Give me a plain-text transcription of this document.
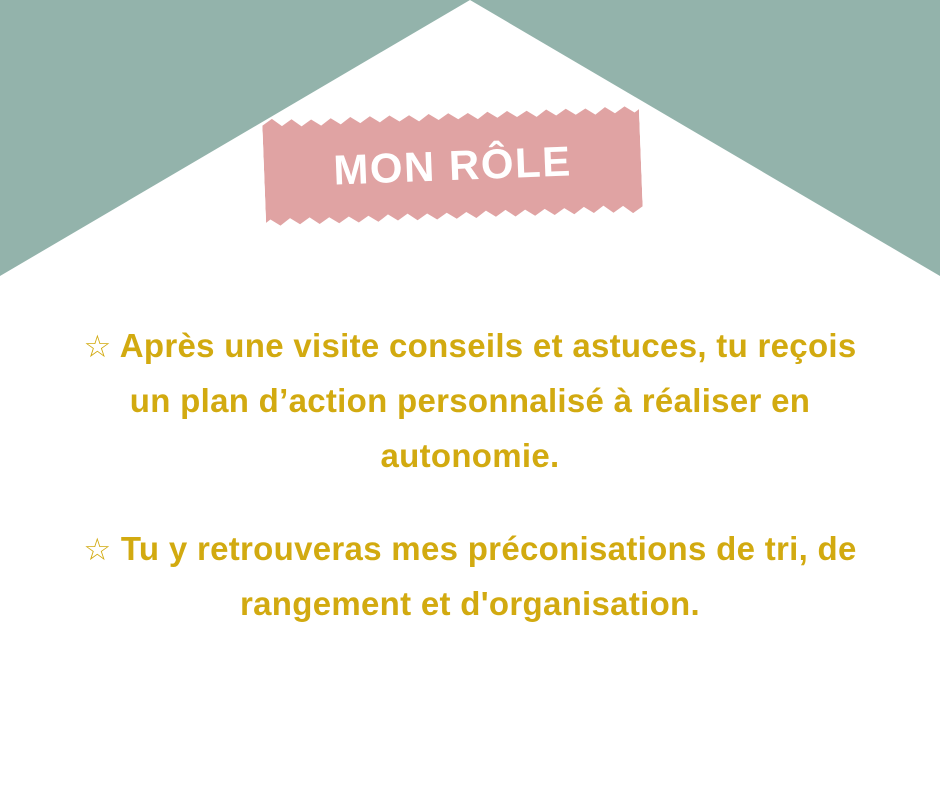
MON RÔLE

☆ Après une visite conseils et astuces, tu reçois un plan d’action personnalisé à réaliser en autonomie.

☆ Tu y retrouveras mes préconisations de tri, de rangement et d'organisation.
